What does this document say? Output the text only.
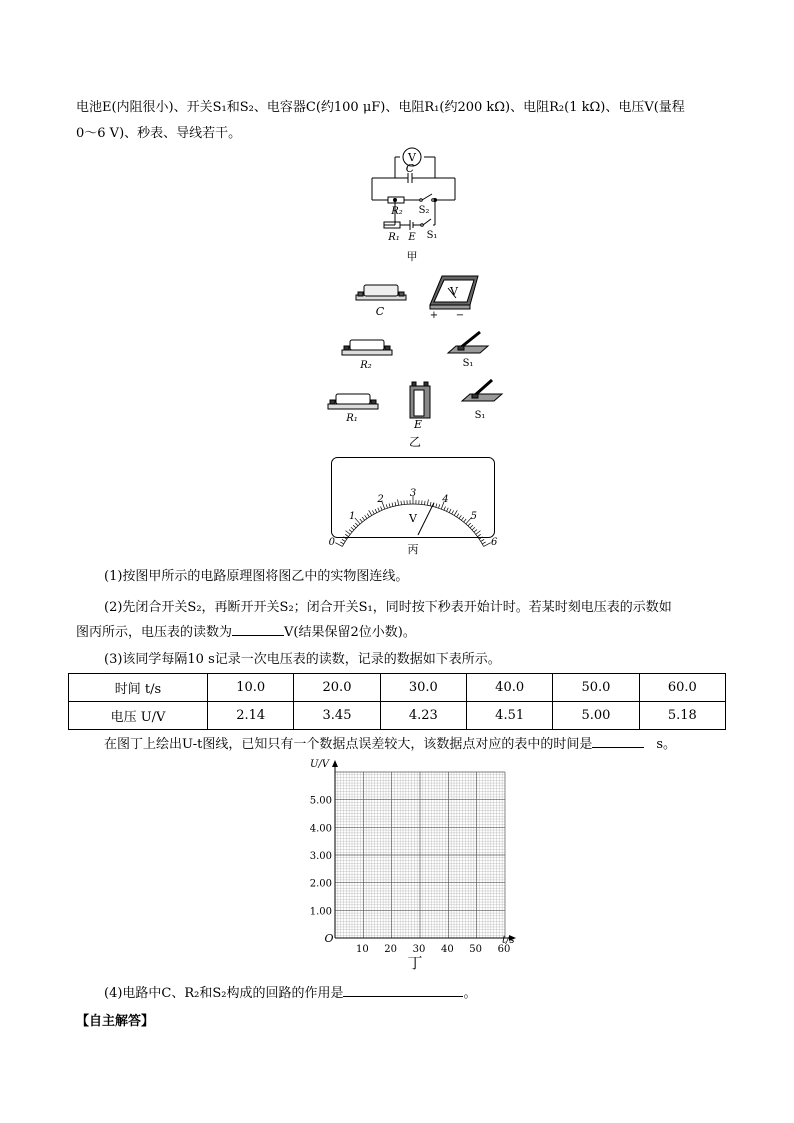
电池E(内阻很小)、开关S₁和S₂、电容器C(约100 μF)、电阻R₁(约200 kΩ)、电阻R₂(1 kΩ)、电压V(量程
0～6 V)、秒表、导线若干。
V
C
R₂ S₂
R₁ E S₁
甲
C
V
+ −
R₂	S₁
R₁	E
S₁
乙
0
1
2
3
4
5
6
V
丙
(1)按图甲所示的电路原理图将图乙中的实物图连线。
(2)先闭合开关S₂，再断开开关S₂；闭合开关S₁，同时按下秒表开始计时。若某时刻电压表的示数如
图丙所示，电压表的读数为	V(结果保留2位小数)。
(3)该同学每隔10 s记录一次电压表的读数，记录的数据如下表所示。
时间 t/s	10.0	20.0	30.0	40.0	50.0	60.0
电压 U/V	2.14	3.45	4.23	4.51	5.00	5.18
在图丁上绘出U-t图线，已知只有一个数据点误差较大，该数据点对应的表中的时间是	s。
1.00
2.00
3.00
4.00
5.00
10 20 30 40 50 60
U/V
t/s
O
丁
(4)电路中C、R₂和S₂构成的回路的作用是	。
【自主解答】
